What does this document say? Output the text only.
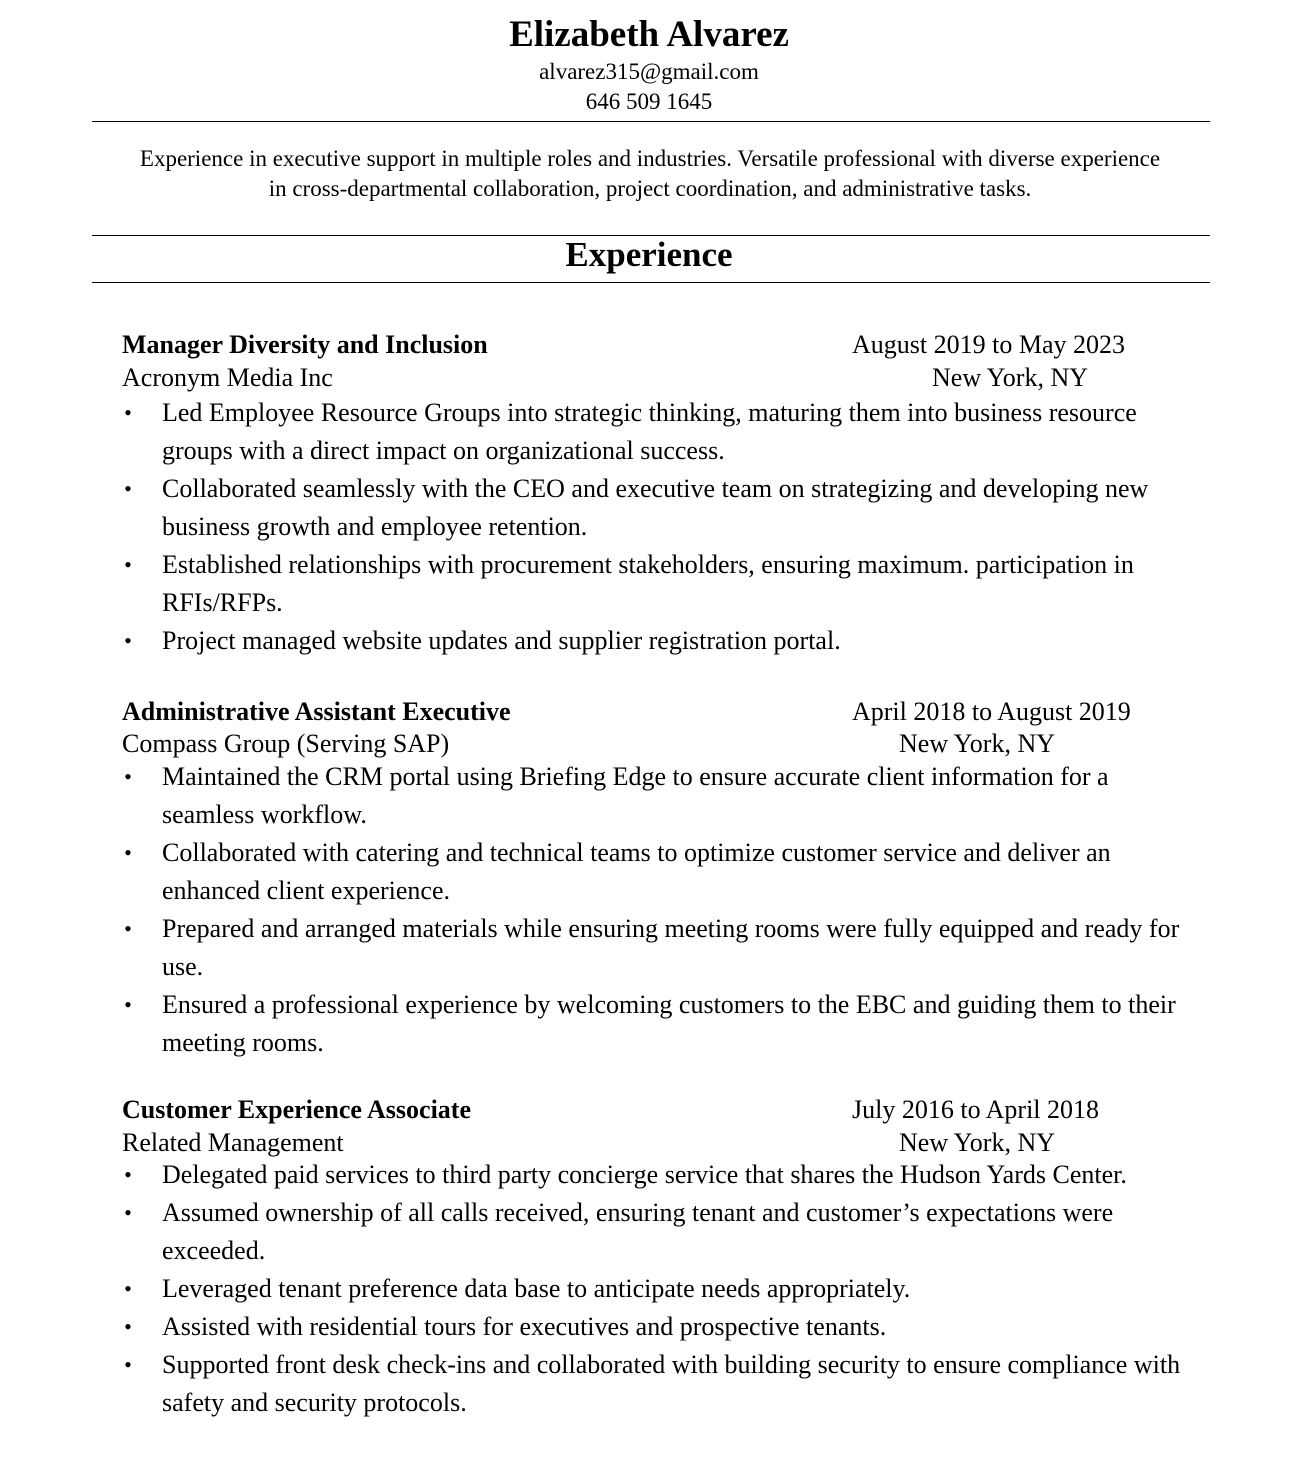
Elizabeth Alvarez
alvarez315@gmail.com
646 509 1645
Experience in executive support in multiple roles and industries. Versatile professional with diverse experience in cross-departmental collaboration, project coordination, and administrative tasks.
Experience
Manager Diversity and Inclusion	August 2019 to May 2023
Acronym Media Inc	New York, NY
• Led Employee Resource Groups into strategic thinking, maturing them into business resource groups with a direct impact on organizational success.
• Collaborated seamlessly with the CEO and executive team on strategizing and developing new business growth and employee retention.
• Established relationships with procurement stakeholders, ensuring maximum. participation in RFIs/RFPs.
• Project managed website updates and supplier registration portal.
Administrative Assistant Executive	April 2018 to August 2019
Compass Group (Serving SAP)	New York, NY
• Maintained the CRM portal using Briefing Edge to ensure accurate client information for a seamless workflow.
• Collaborated with catering and technical teams to optimize customer service and deliver an enhanced client experience.
• Prepared and arranged materials while ensuring meeting rooms were fully equipped and ready for use.
• Ensured a professional experience by welcoming customers to the EBC and guiding them to their meeting rooms.
Customer Experience Associate	July 2016 to April 2018
Related Management	New York, NY
• Delegated paid services to third party concierge service that shares the Hudson Yards Center.
• Assumed ownership of all calls received, ensuring tenant and customer’s expectations were exceeded.
• Leveraged tenant preference data base to anticipate needs appropriately.
• Assisted with residential tours for executives and prospective tenants.
• Supported front desk check-ins and collaborated with building security to ensure compliance with safety and security protocols.
